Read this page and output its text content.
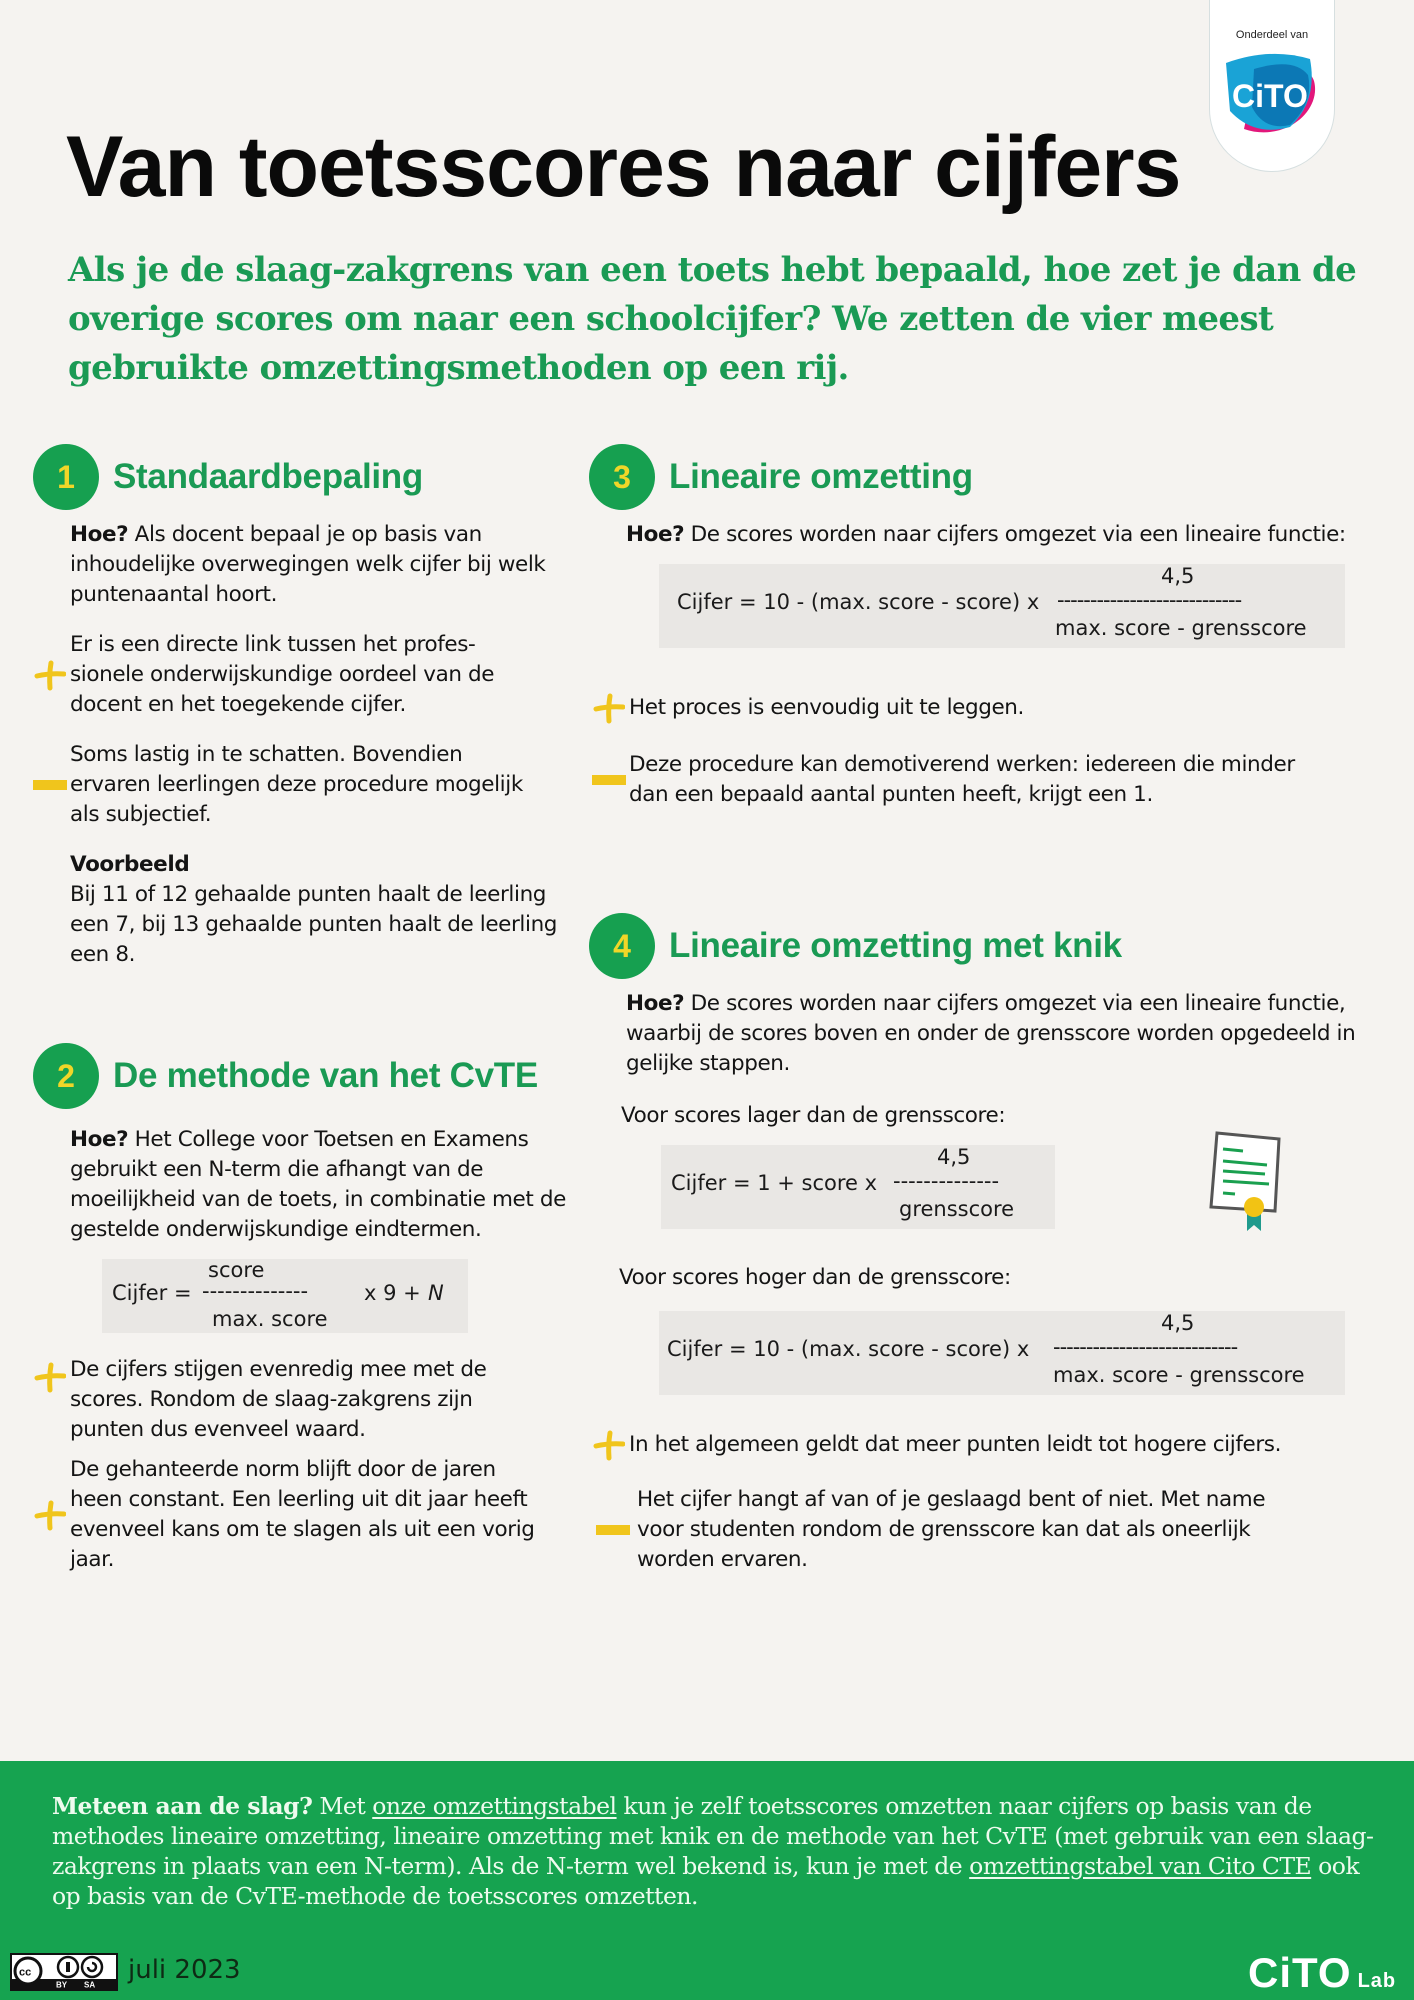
Onderdeel van
CiTO
Van toetsscores naar cijfers

Als je de slaag-zakgrens van een toets hebt bepaald, hoe zet je dan de overige scores om naar een schoolcijfer? We zetten de vier meest gebruikte omzettingsmethoden op een rij.

1	Standaardbepaling
Hoe? Als docent bepaal je op basis van inhoudelijke overwegingen welk cijfer bij welk puntenaantal hoort.
Er is een directe link tussen het profes-sionele onderwijskundige oordeel van de docent en het toegekende cijfer.
Soms lastig in te schatten. Bovendien ervaren leerlingen deze procedure mogelijk als subjectief.
Voorbeeld
Bij 11 of 12 gehaalde punten haalt de leerling een 7, bij 13 gehaalde punten haalt de leerling een 8.
2	De methode van het CvTE
Hoe? Het College voor Toetsen en Examens gebruikt een N-term die afhangt van de moeilijkheid van de toets, in combinatie met de gestelde onderwijskundige eindtermen.
score
Cijfer = --------------
max. score
x 9 + N
De cijfers stijgen evenredig mee met de scores. Rondom de slaag-zakgrens zijn punten dus evenveel waard.
De gehanteerde norm blijft door de jaren heen constant. Een leerling uit dit jaar heeft evenveel kans om te slagen als uit een vorig jaar.
3	Lineaire omzetting
Hoe? De scores worden naar cijfers omgezet via een lineaire functie:
4,5
Cijfer = 10 - (max. score - score) x ----------------------------
max. score - grensscore
Het proces is eenvoudig uit te leggen.
Deze procedure kan demotiverend werken: iedereen die minder dan een bepaald aantal punten heeft, krijgt een 1.
4	Lineaire omzetting met knik
Hoe? De scores worden naar cijfers omgezet via een lineaire functie, waarbij de scores boven en onder de grensscore worden opgedeeld in gelijke stappen.
Voor scores lager dan de grensscore:
4,5
Cijfer = 1 + score x --------------
grensscore
Voor scores hoger dan de grensscore:
4,5
Cijfer = 10 - (max. score - score) x ----------------------------
max. score - grensscore
In het algemeen geldt dat meer punten leidt tot hogere cijfers.
Het cijfer hangt af van of je geslaagd bent of niet. Met name voor studenten rondom de grensscore kan dat als oneerlijk worden ervaren.

Meteen aan de slag? Met onze omzettingstabel kun je zelf toetsscores omzetten naar cijfers op basis van de methodes lineaire omzetting, lineaire omzetting met knik en de methode van het CvTE (met gebruik van een slaag-zakgrens in plaats van een N-term). Als de N-term wel bekend is, kun je met de omzettingstabel van Cito CTE ook op basis van de CvTE-methode de toetsscores omzetten.

BY SA
cc	juli 2023	CiTO Lab
